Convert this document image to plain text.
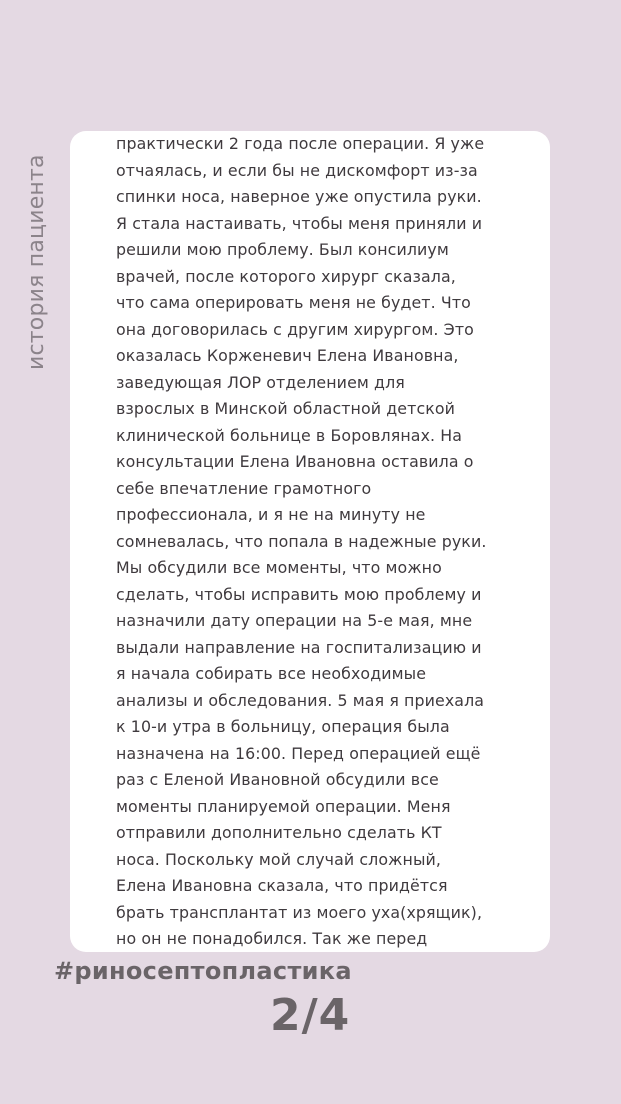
история пациента
практически 2 года после операции. Я уже
отчаялась, и если бы не дискомфорт из-за
спинки носа, наверное уже опустила руки.
Я стала настаивать, чтобы меня приняли и
решили мою проблему. Был консилиум
врачей, после которого хирург сказала,
что сама оперировать меня не будет. Что
она договорилась с другим хирургом. Это
оказалась Корженевич Елена Ивановна,
заведующая ЛОР отделением для
взрослых в Минской областной детской
клинической больнице в Боровлянах. На
консультации Елена Ивановна оставила о
себе впечатление грамотного
профессионала, и я не на минуту не
сомневалась, что попала в надежные руки.
Мы обсудили все моменты, что можно
сделать, чтобы исправить мою проблему и
назначили дату операции на 5-е мая, мне
выдали направление на госпитализацию и
я начала собирать все необходимые
анализы и обследования. 5 мая я приехала
к 10-и утра в больницу, операция была
назначена на 16:00. Перед операцией ещё
раз с Еленой Ивановной обсудили все
моменты планируемой операции. Меня
отправили дополнительно сделать КТ
носа. Поскольку мой случай сложный,
Елена Ивановна сказала, что придётся
брать трансплантат из моего уха(хрящик),
но он не понадобился. Так же перед
#риносептопластика
2/4
